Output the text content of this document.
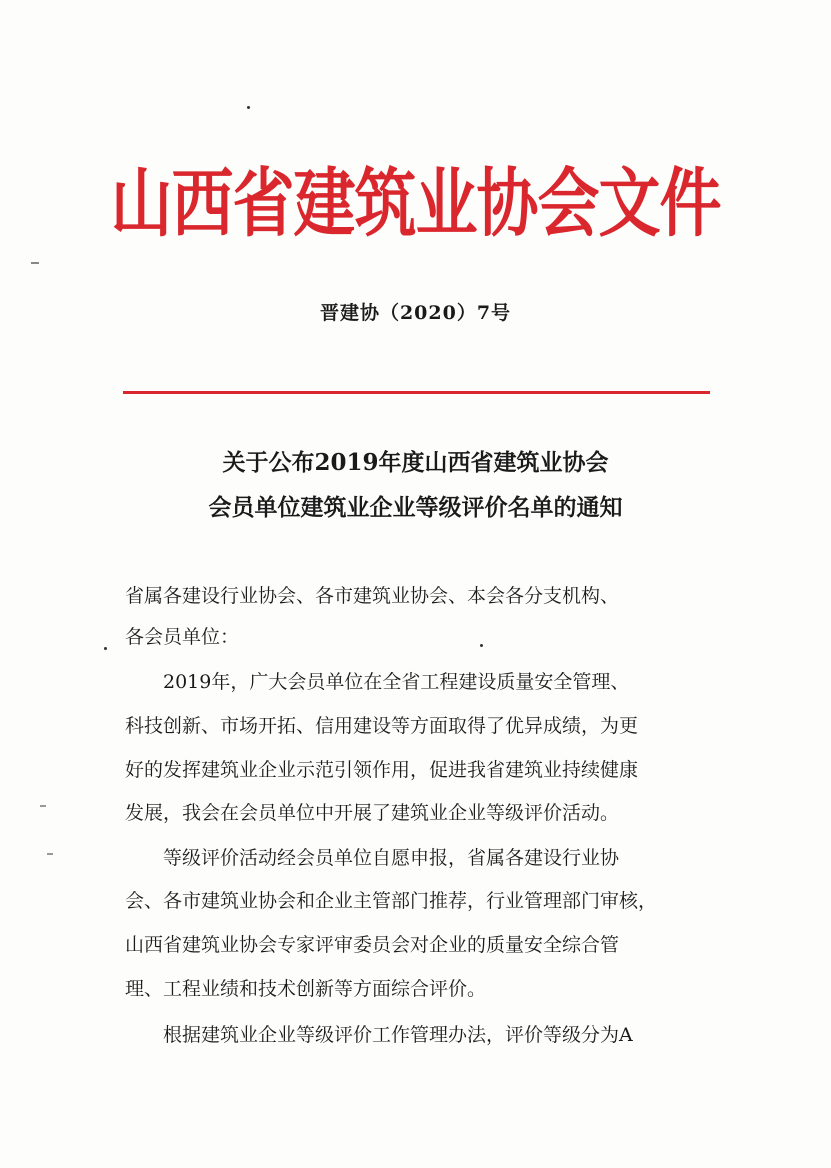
山西省建筑业协会文件
晋建协（2020）7号
关于公布2019年度山西省建筑业协会
会员单位建筑业企业等级评价名单的通知
省属各建设行业协会、各市建筑业协会、本会各分支机构、
各会员单位：
　　2019年，广大会员单位在全省工程建设质量安全管理、
科技创新、市场开拓、信用建设等方面取得了优异成绩，为更
好的发挥建筑业企业示范引领作用，促进我省建筑业持续健康
发展，我会在会员单位中开展了建筑业企业等级评价活动。
　　等级评价活动经会员单位自愿申报，省属各建设行业协
会、各市建筑业协会和企业主管部门推荐，行业管理部门审核，
山西省建筑业协会专家评审委员会对企业的质量安全综合管
理、工程业绩和技术创新等方面综合评价。
　　根据建筑业企业等级评价工作管理办法，评价等级分为A
